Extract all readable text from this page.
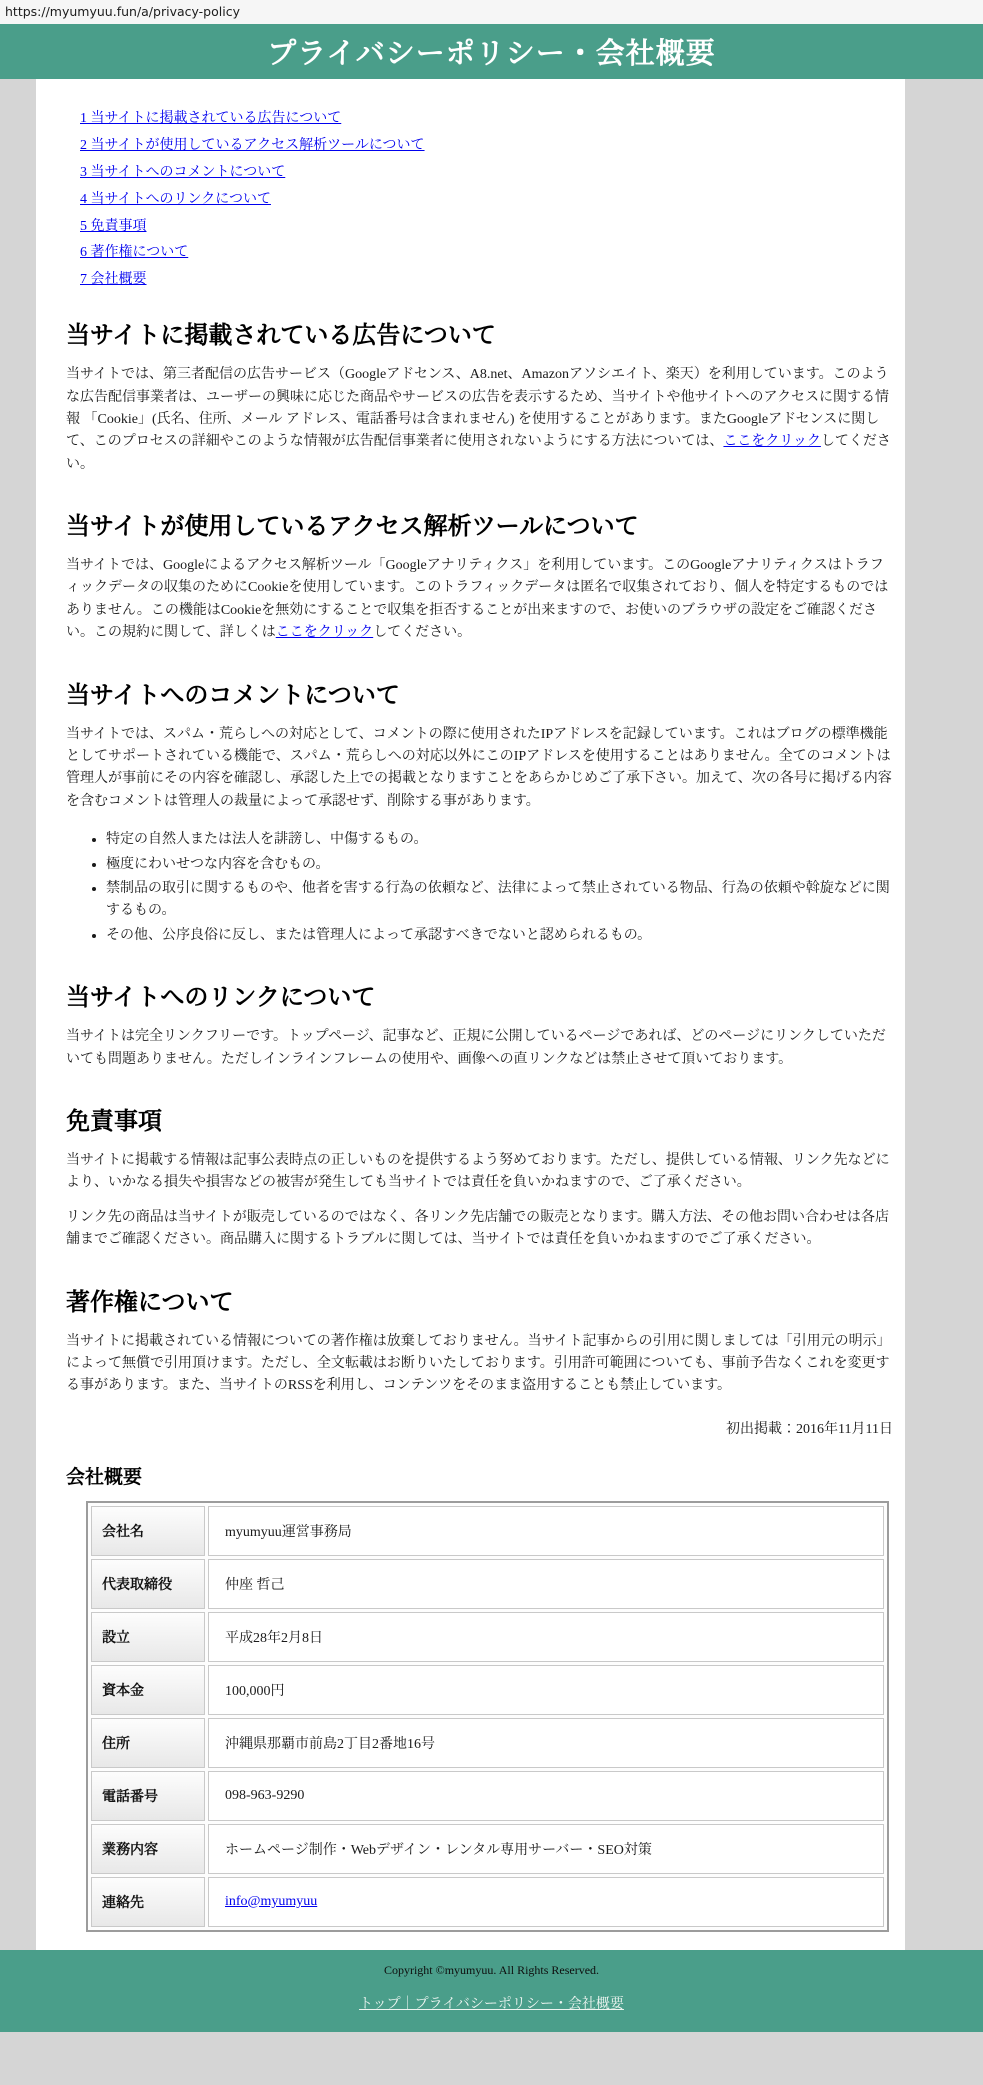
https://myumyuu.fun/a/privacy-policy
プライバシーポリシー・会社概要
1 当サイトに掲載されている広告について
2 当サイトが使用しているアクセス解析ツールについて
3 当サイトへのコメントについて
4 当サイトへのリンクについて
5 免責事項
6 著作権について
7 会社概要
当サイトに掲載されている広告について

当サイトでは、第三者配信の広告サービス（Googleアドセンス、A8.net、Amazonアソシエイト、楽天）を利用しています。このような広告配信事業者は、ユーザーの興味に応じた商品やサービスの広告を表示するため、当サイトや他サイトへのアクセスに関する情報 「Cookie」(氏名、住所、メール アドレス、電話番号は含まれません) を使用することがあります。またGoogleアドセンスに関して、このプロセスの詳細やこのような情報が広告配信事業者に使用されないようにする方法については、ここをクリックしてください。

当サイトが使用しているアクセス解析ツールについて

当サイトでは、Googleによるアクセス解析ツール「Googleアナリティクス」を利用しています。このGoogleアナリティクスはトラフィックデータの収集のためにCookieを使用しています。このトラフィックデータは匿名で収集されており、個人を特定するものではありません。この機能はCookieを無効にすることで収集を拒否することが出来ますので、お使いのブラウザの設定をご確認ください。この規約に関して、詳しくはここをクリックしてください。

当サイトへのコメントについて

当サイトでは、スパム・荒らしへの対応として、コメントの際に使用されたIPアドレスを記録しています。これはブログの標準機能としてサポートされている機能で、スパム・荒らしへの対応以外にこのIPアドレスを使用することはありません。全てのコメントは管理人が事前にその内容を確認し、承認した上での掲載となりますことをあらかじめご了承下さい。加えて、次の各号に掲げる内容を含むコメントは管理人の裁量によって承認せず、削除する事があります。

• 特定の自然人または法人を誹謗し、中傷するもの。
• 極度にわいせつな内容を含むもの。
• 禁制品の取引に関するものや、他者を害する行為の依頼など、法律によって禁止されている物品、行為の依頼や斡旋などに関するもの。
• その他、公序良俗に反し、または管理人によって承認すべきでないと認められるもの。
当サイトへのリンクについて

当サイトは完全リンクフリーです。トップページ、記事など、正規に公開しているページであれば、どのページにリンクしていただいても問題ありません。ただしインラインフレームの使用や、画像への直リンクなどは禁止させて頂いております。

免責事項

当サイトに掲載する情報は記事公表時点の正しいものを提供するよう努めております。ただし、提供している情報、リンク先などにより、いかなる損失や損害などの被害が発生しても当サイトでは責任を負いかねますので、ご了承ください。

リンク先の商品は当サイトが販売しているのではなく、各リンク先店舗での販売となります。購入方法、その他お問い合わせは各店舗までご確認ください。商品購入に関するトラブルに関しては、当サイトでは責任を負いかねますのでご了承ください。

著作権について

当サイトに掲載されている情報についての著作権は放棄しておりません。当サイト記事からの引用に関しましては「引用元の明示」によって無償で引用頂けます。ただし、全文転載はお断りいたしております。引用許可範囲についても、事前予告なくこれを変更する事があります。また、当サイトのRSSを利用し、コンテンツをそのまま盗用することも禁止しています。

初出掲載：2016年11月11日

会社概要
会社名	myumyuu運営事務局
代表取締役	仲座 哲己
設立	平成28年2月8日
資本金	100,000円
住所	沖縄県那覇市前島2丁目2番地16号
電話番号	098-963-9290
業務内容	ホームページ制作・Webデザイン・レンタル専用サーバー・SEO対策
連絡先	info@myumyuu
Copyright ©myumyuu. All Rights Reserved.
トップ｜プライバシーポリシー・会社概要
